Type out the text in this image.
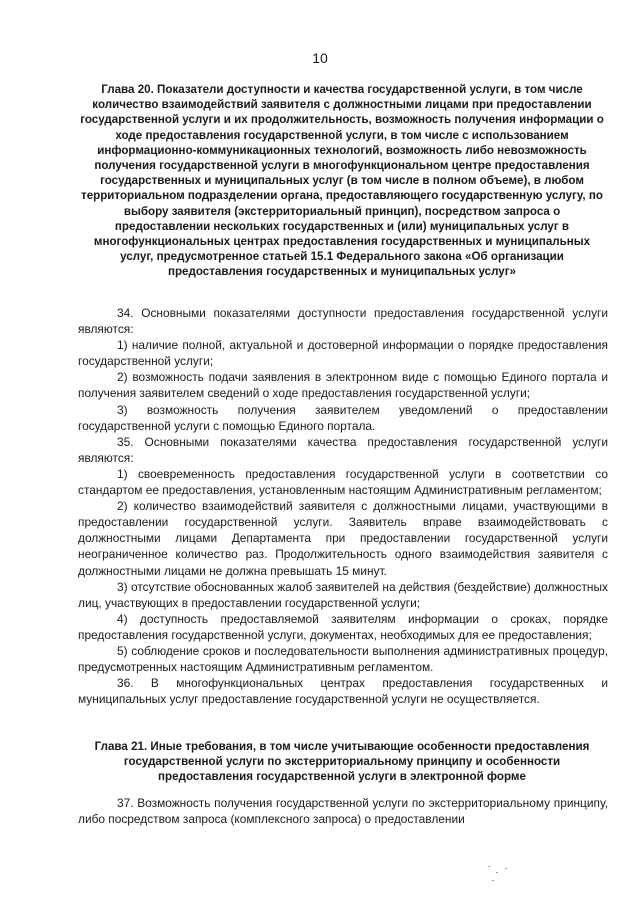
10
Глава 20. Показатели доступности и качества государственной услуги, в том числе количество взаимодействий заявителя с должностными лицами при предоставлении государственной услуги и их продолжительность, возможность получения информации о ходе предоставления государственной услуги, в том числе с использованием информационно-коммуникационных технологий, возможность либо невозможность получения государственной услуги в многофункциональном центре предоставления государственных и муниципальных услуг (в том числе в полном объеме), в любом территориальном подразделении органа, предоставляющего государственную услугу, по выбору заявителя (экстерриториальный принцип), посредством запроса о предоставлении нескольких государственных и (или) муниципальных услуг в многофункциональных центрах предоставления государственных и муниципальных услуг, предусмотренное статьей 15.1 Федерального закона «Об организации предоставления государственных и муниципальных услуг»

34. Основными показателями доступности предоставления государственной услуги являются:

1) наличие полной, актуальной и достоверной информации о порядке предоставления государственной услуги;

2) возможность подачи заявления в электронном виде с помощью Единого портала и получения заявителем сведений о ходе предоставления государственной услуги;

3) возможность получения заявителем уведомлений о предоставлении государственной услуги с помощью Единого портала.

35. Основными показателями качества предоставления государственной услуги являются:

1) своевременность предоставления государственной услуги в соответствии со стандартом ее предоставления, установленным настоящим Административным регламентом;

2) количество взаимодействий заявителя с должностными лицами, участвующими в предоставлении государственной услуги. Заявитель вправе взаимодействовать с должностными лицами Департамента при предоставлении государственной услуги неограниченное количество раз. Продолжительность одного взаимодействия заявителя с должностными лицами не должна превышать 15 минут.

3) отсутствие обоснованных жалоб заявителей на действия (бездействие) должностных лиц, участвующих в предоставлении государственной услуги;

4) доступность предоставляемой заявителям информации о сроках, порядке предоставления государственной услуги, документах, необходимых для ее предоставления;

5) соблюдение сроков и последовательности выполнения административных процедур, предусмотренных настоящим Административным регламентом.

36. В многофункциональных центрах предоставления государственных и муниципальных услуг предоставление государственной услуги не осуществляется.

Глава 21. Иные требования, в том числе учитывающие особенности предоставления государственной услуги по экстерриториальному принципу и особенности предоставления государственной услуги в электронной форме

37. Возможность получения государственной услуги по экстерриториальному принципу, либо посредством запроса (комплексного запроса) о предоставлении
